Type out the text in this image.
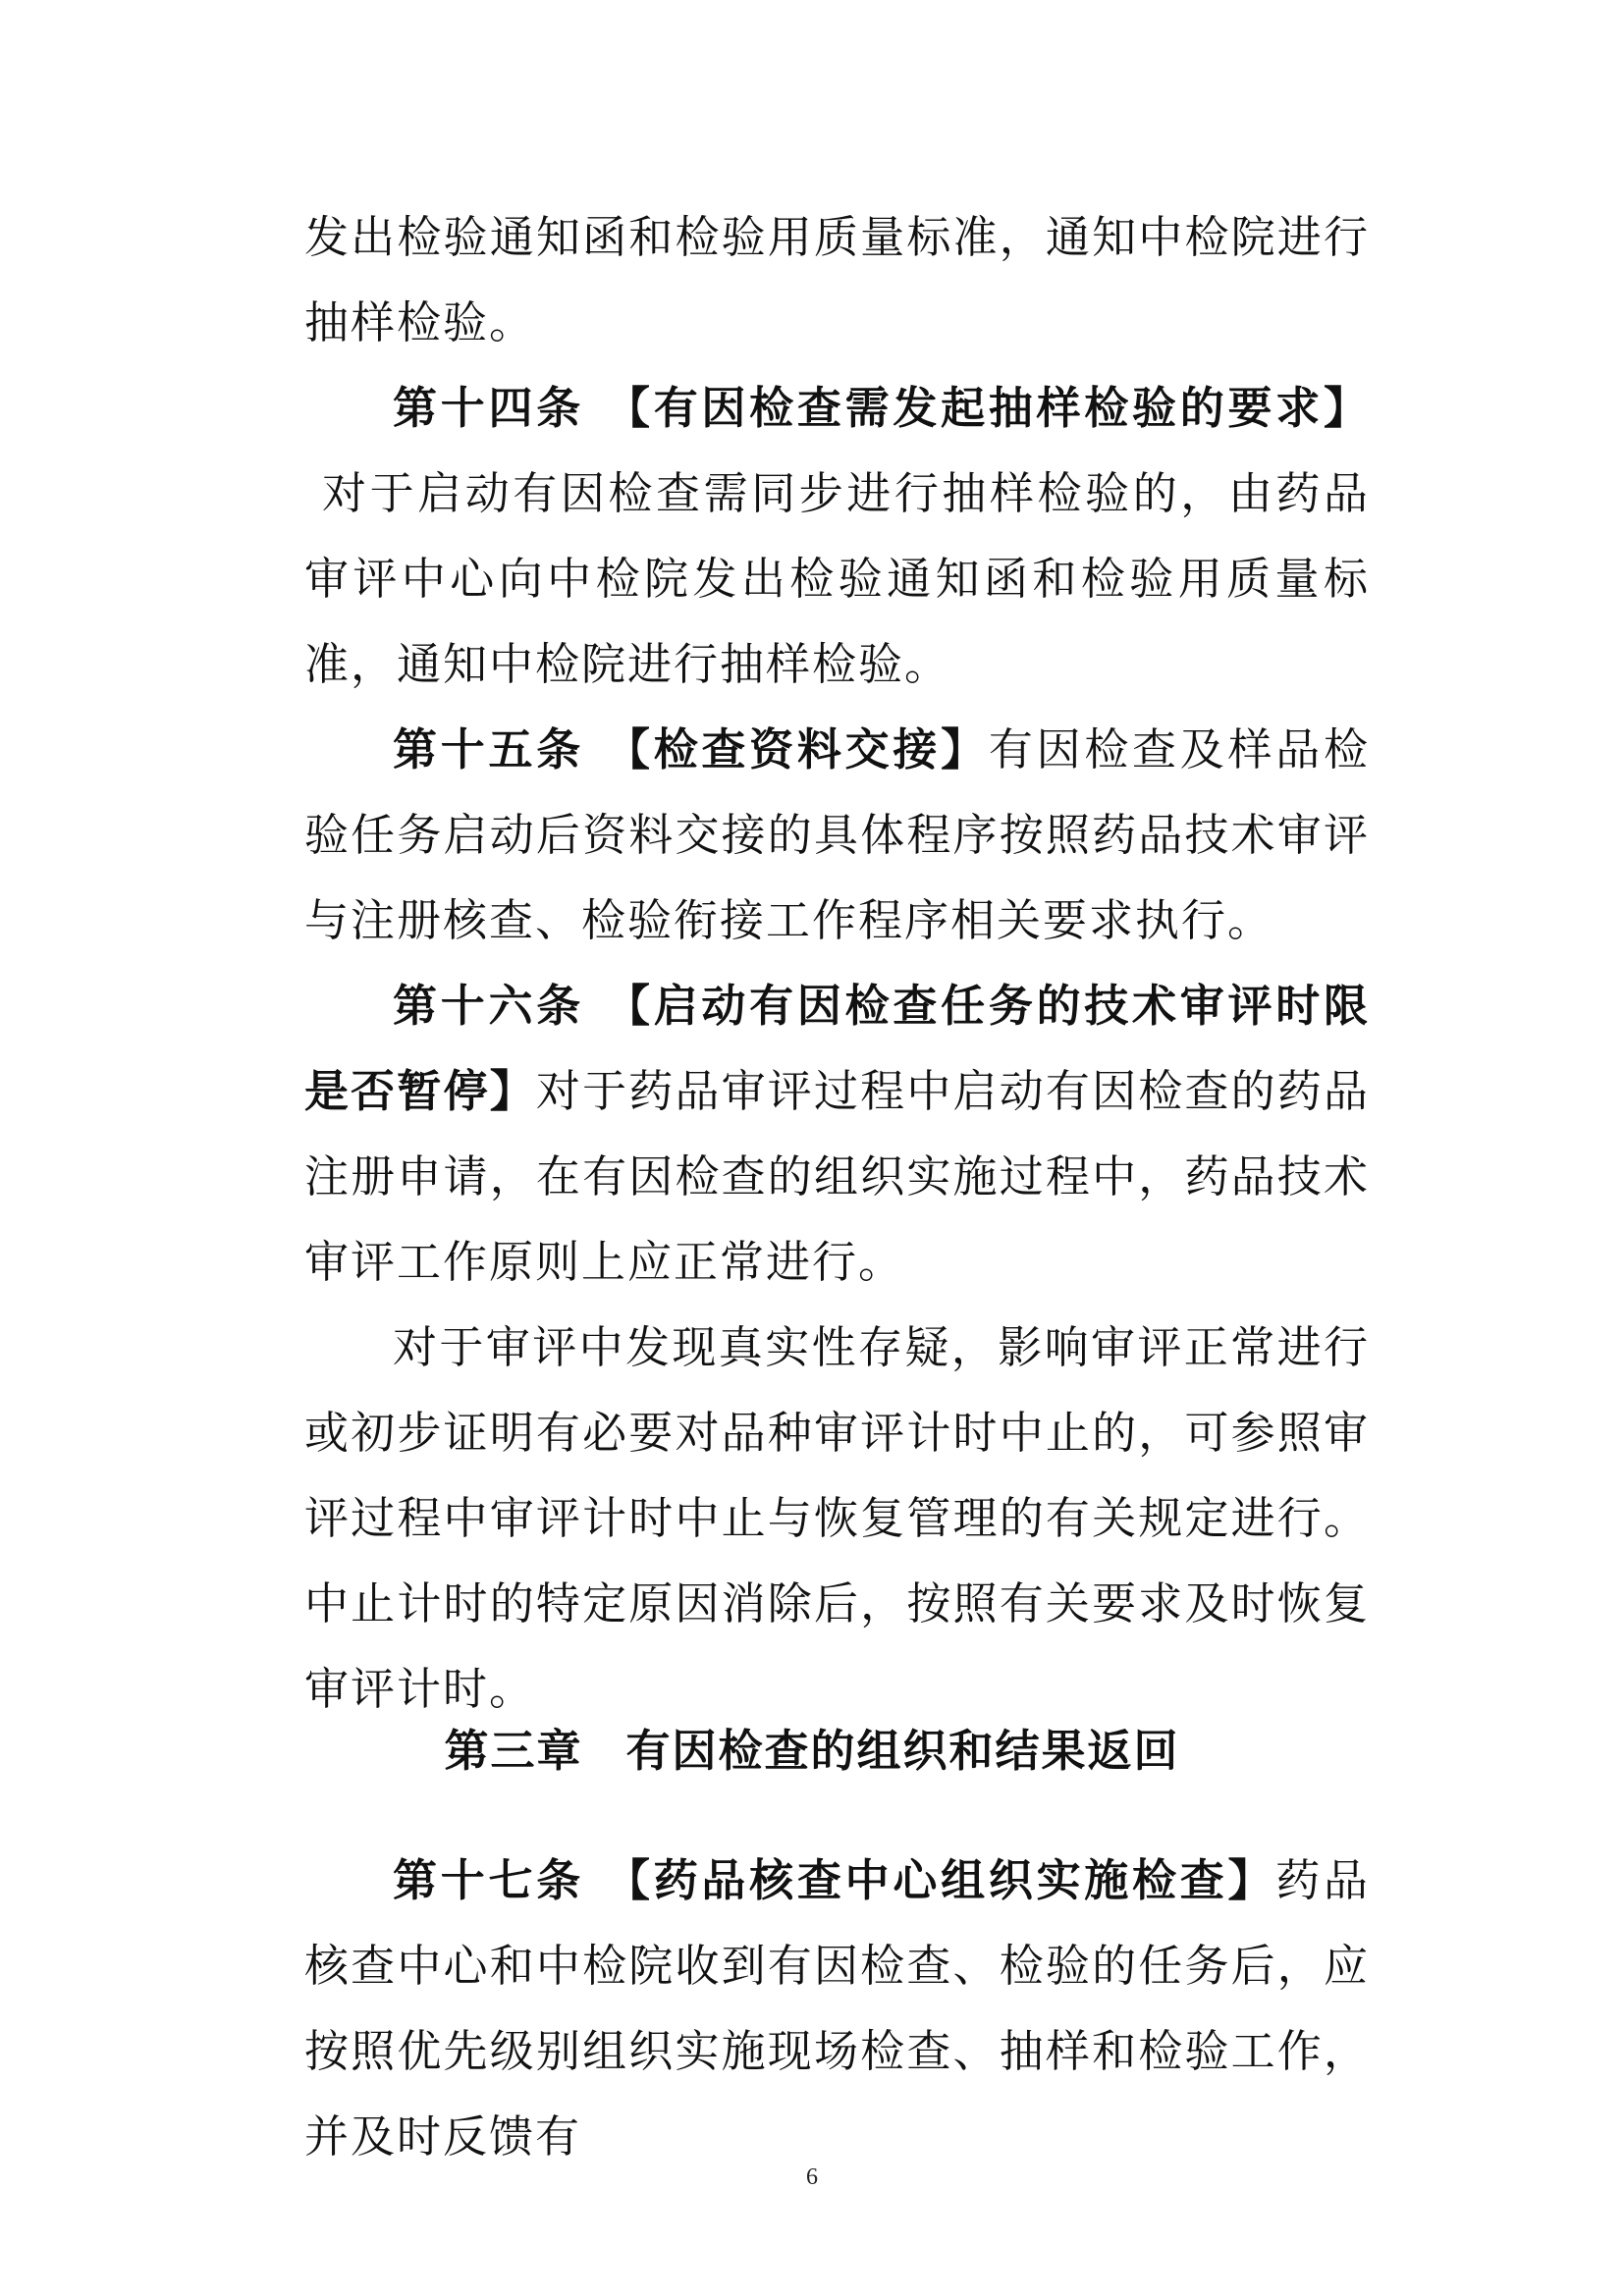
发出检验通知函和检验用质量标准，通知中检院进行抽样检验。

第十四条 【有因检查需发起抽样检验的要求】对于启动有因检查需同步进行抽样检验的，由药品审评中心向中检院发出检验通知函和检验用质量标准，通知中检院进行抽样检验。

第十五条 【检查资料交接】有因检查及样品检验任务启动后资料交接的具体程序按照药品技术审评与注册核查、检验衔接工作程序相关要求执行。

第十六条 【启动有因检查任务的技术审评时限是否暂停】对于药品审评过程中启动有因检查的药品注册申请，在有因检查的组织实施过程中，药品技术审评工作原则上应正常进行。

对于审评中发现真实性存疑，影响审评正常进行或初步证明有必要对品种审评计时中止的，可参照审评过程中审评计时中止与恢复管理的有关规定进行。中止计时的特定原因消除后，按照有关要求及时恢复审评计时。

第三章 有因检查的组织和结果返回

第十七条 【药品核查中心组织实施检查】药品核查中心和中检院收到有因检查、检验的任务后，应按照优先级别组织实施现场检查、抽样和检验工作，并及时反馈有

6
